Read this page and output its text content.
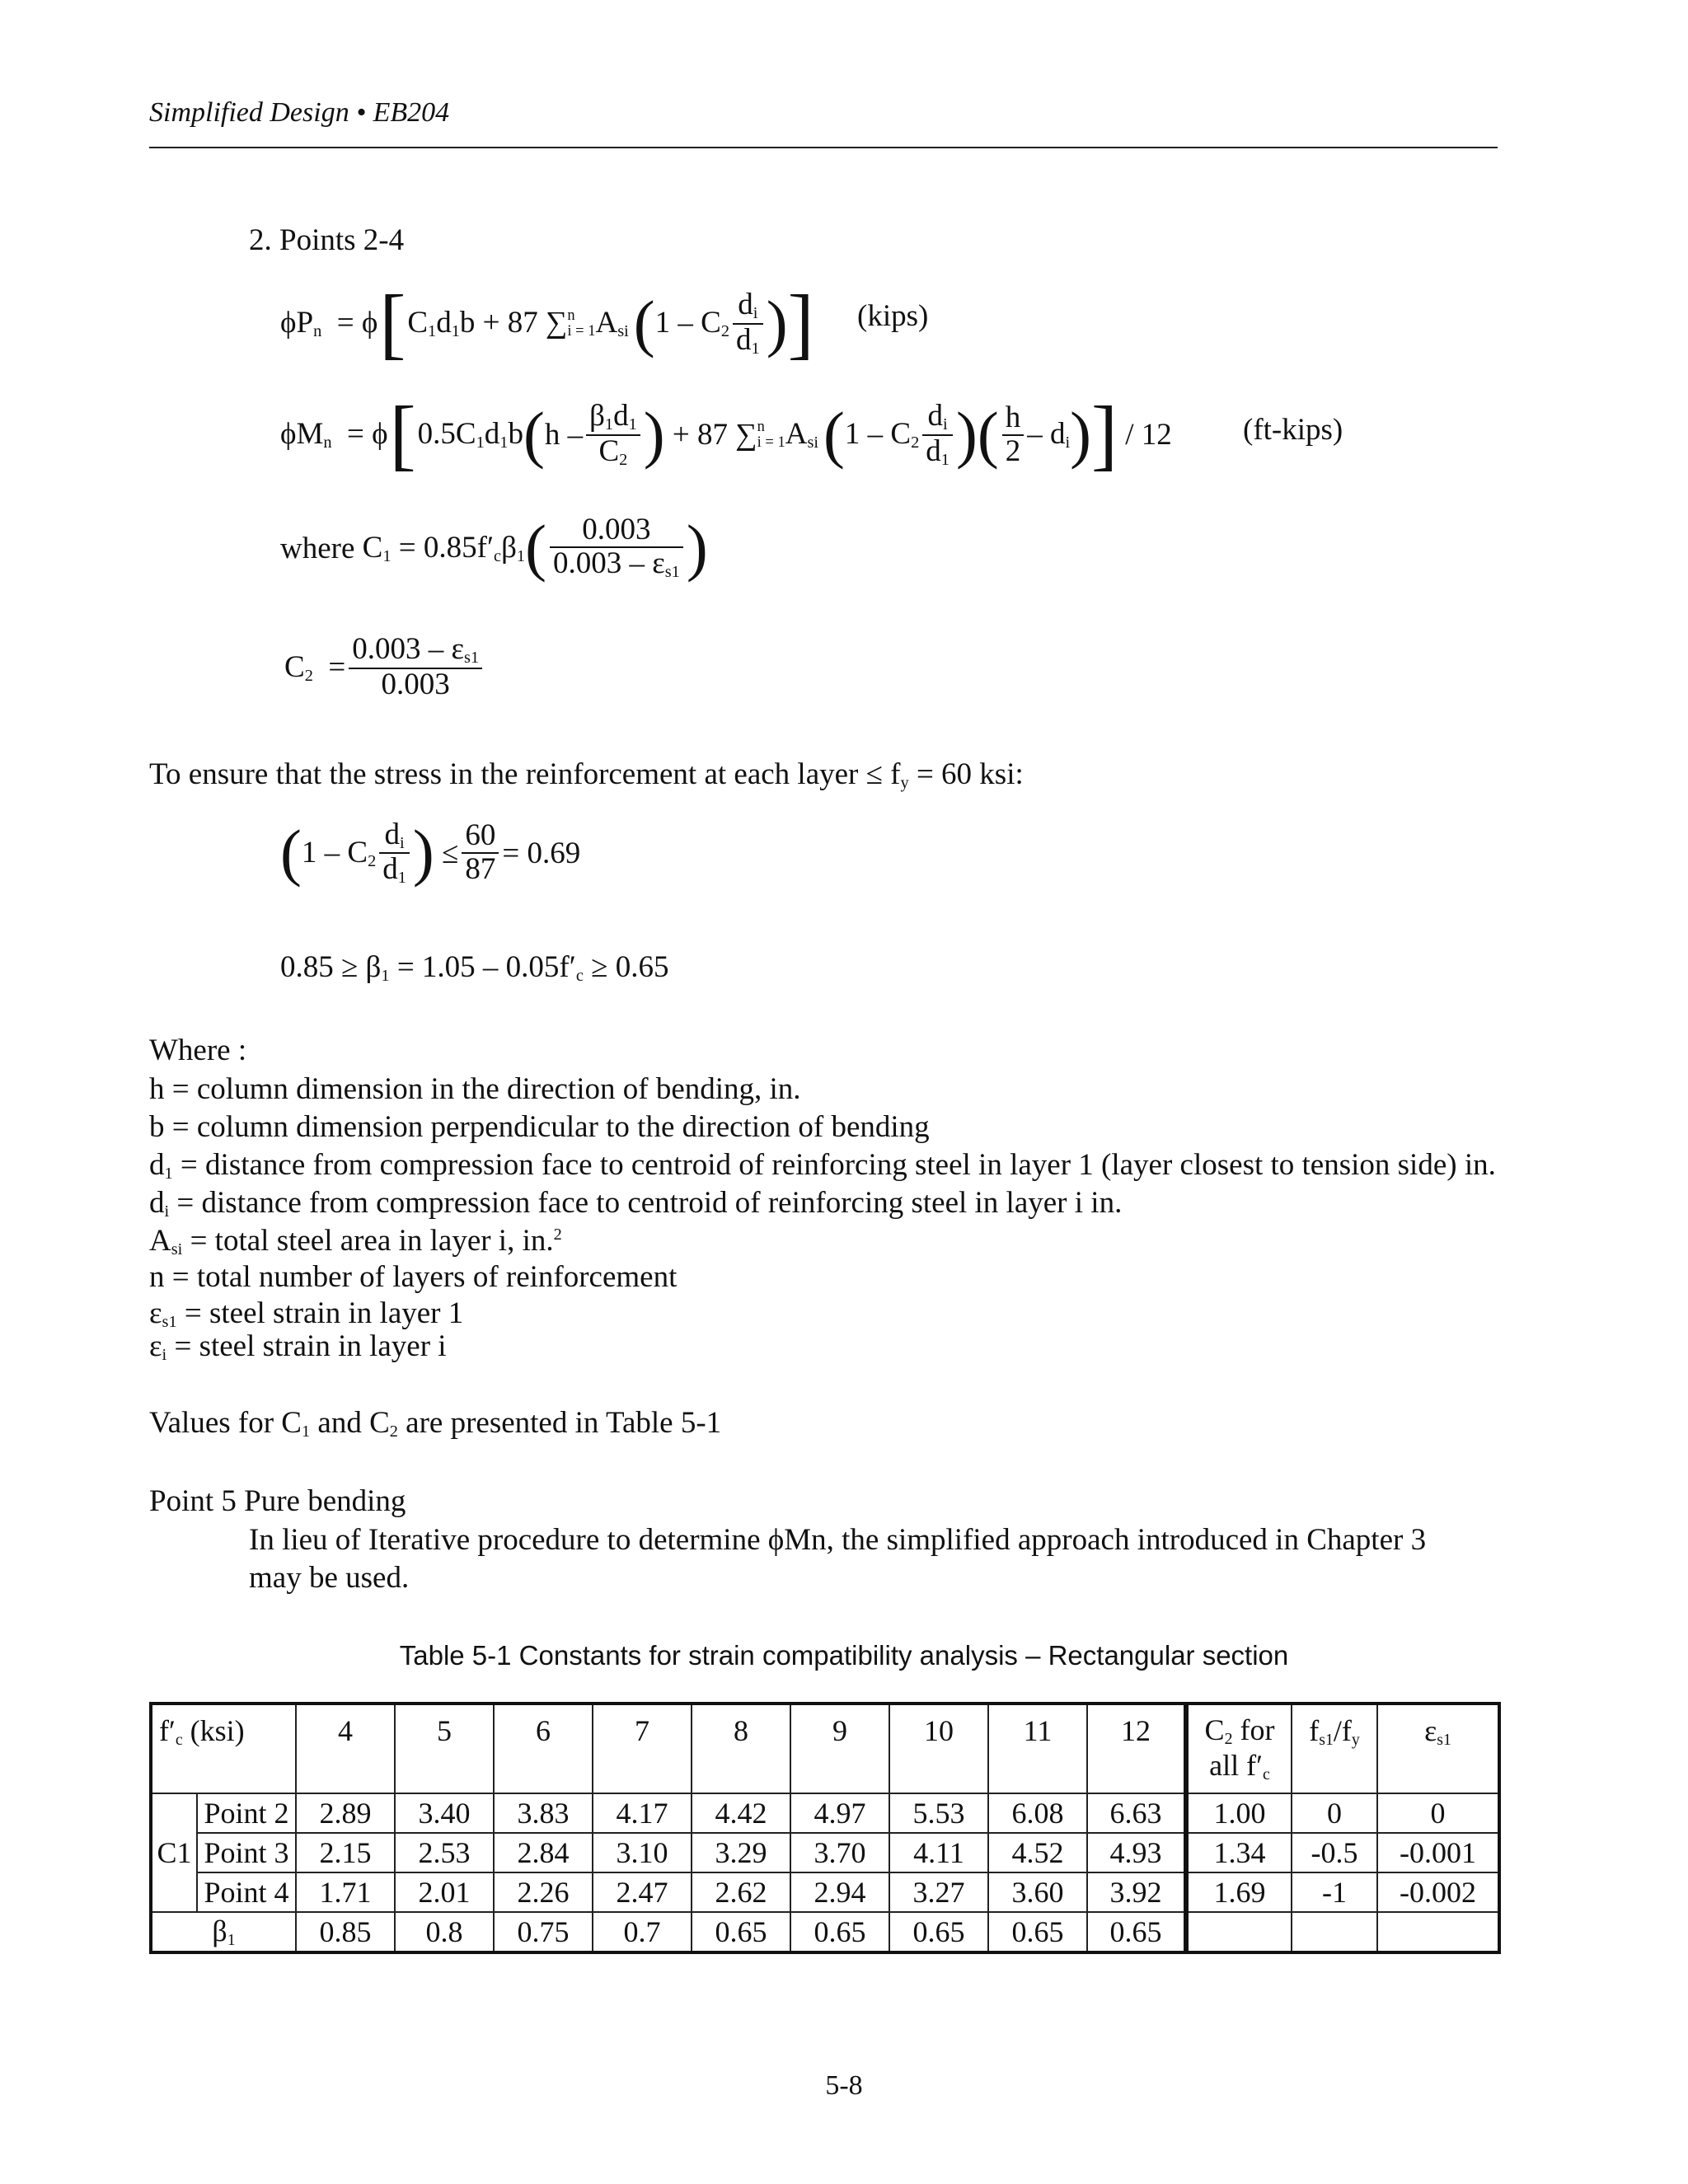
Simplified Design • EB204
2. Points 2-4
$\phi P_n = \phi$ [ $C_1d_1b + 87$ ∑ n
i = 1 $A_{si}$ ( $1 - C_2 \frac{d_i}{d_1}$ ) ] (kips)
$\phi M_n = \phi$ [ $0.5C_1d_1b$ ( h – $\frac{\beta_1d_1}{C_2}$ ) + 87 ∑ n
i = 1 $A_{si}$ ( $1 - C_2 \frac{d_i}{d_1}$ ) ( $\frac{h}{2} - d_i$ ) ] / 12 (ft-kips)
where $C_1 = 0.85f'_c\beta_1$ ( $\frac{0.003}{0.003 - \varepsilon_{s1}}$ )
$C_2 = \frac{0.003 - \varepsilon_{s1}}{0.003}$
To ensure that the stress in the reinforcement at each layer ≤ $f_y = 60$ ksi:
( $1 - C_2 \frac{d_i}{d_1}$ ) ≤ $\frac{60}{87} = 0.69$
$0.85 \ge \beta_1 = 1.05 - 0.05f'_c \ge 0.65$
Where :
h = column dimension in the direction of bending, in.
b = column dimension perpendicular to the direction of bending
$d_1$ = distance from compression face to centroid of reinforcing steel in layer 1 (layer closest to tension side) in.
$d_i$ = distance from compression face to centroid of reinforcing steel in layer i in.
$A_{si}$ = total steel area in layer i, in.$^2$
n = total number of layers of reinforcement
$\varepsilon_{s1}$ = steel strain in layer 1
$\varepsilon_i$ = steel strain in layer i
Values for $C_1$ and $C_2$ are presented in Table 5-1
Point 5 Pure bending
In lieu of Iterative procedure to determine ϕMn, the simplified approach introduced in Chapter 3
may be used.
Table 5-1 Constants for strain compatibility analysis – Rectangular section
$f'_c$ (ksi)		4	5	6	7	8	9	10	11	12	$C_2$ for
all $f'_c$	$f_{s1}/f_y$	$\varepsilon_{s1}$
C1	Point 2	2.89	3.40	3.83	4.17	4.42	4.97	5.53	6.08	6.63	1.00	0	0
	Point 3	2.15	2.53	2.84	3.10	3.29	3.70	4.11	4.52	4.93	1.34	-0.5	-0.001
	Point 4	1.71	2.01	2.26	2.47	2.62	2.94	3.27	3.60	3.92	1.69	-1	-0.002
$\beta_1$		0.85	0.8	0.75	0.7	0.65	0.65	0.65	0.65	0.65			
5-8
